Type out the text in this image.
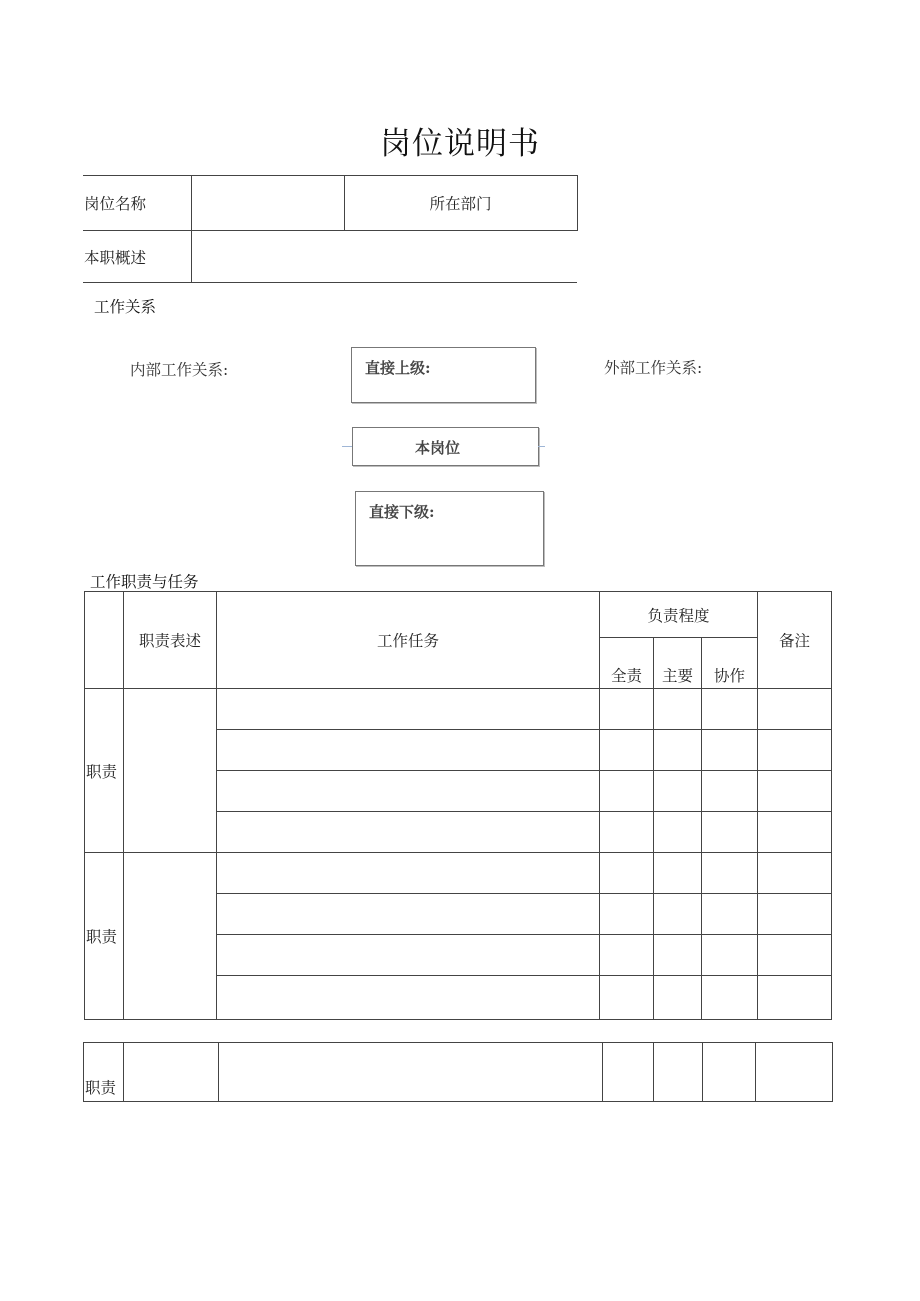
岗位说明书
岗位名称		所在部门
本职概述		
工作关系
内部工作关系:	外部工作关系:
直接上级:
本岗位
直接下级:
工作职责与任务
	职责表述	工作任务	负责程度			备注
			全责	主要	协作	
职责						

职责						

职责						
